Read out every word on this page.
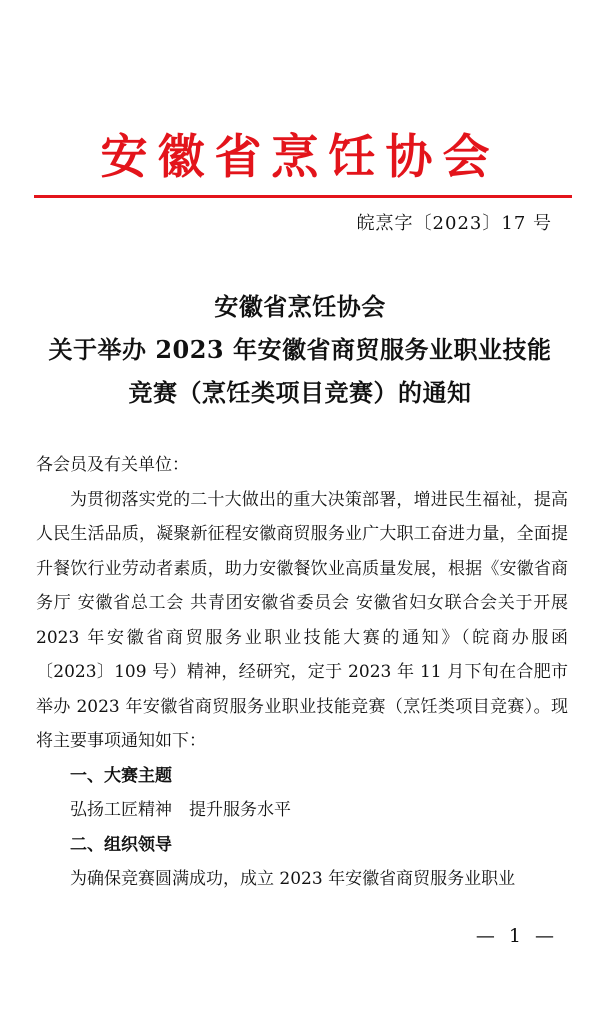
安徽省烹饪协会
皖烹字〔2023〕17 号
安徽省烹饪协会
关于举办 2023 年安徽省商贸服务业职业技能
竞赛（烹饪类项目竞赛）的通知

各会员及有关单位：

为贯彻落实党的二十大做出的重大决策部署，增进民生福祉，提高人民生活品质，凝聚新征程安徽商贸服务业广大职工奋进力量，全面提升餐饮行业劳动者素质，助力安徽餐饮业高质量发展，根据《安徽省商务厅 安徽省总工会 共青团安徽省委员会 安徽省妇女联合会关于开展 2023 年安徽省商贸服务业职业技能大赛的通知》（皖商办服函〔2023〕109 号）精神，经研究，定于 2023 年 11 月下旬在合肥市举办 2023 年安徽省商贸服务业职业技能竞赛（烹饪类项目竞赛）。现将主要事项通知如下：

一、大赛主题
弘扬工匠精神　提升服务水平
二、组织领导
为确保竞赛圆满成功，成立 2023 年安徽省商贸服务业职业
— 1 —
